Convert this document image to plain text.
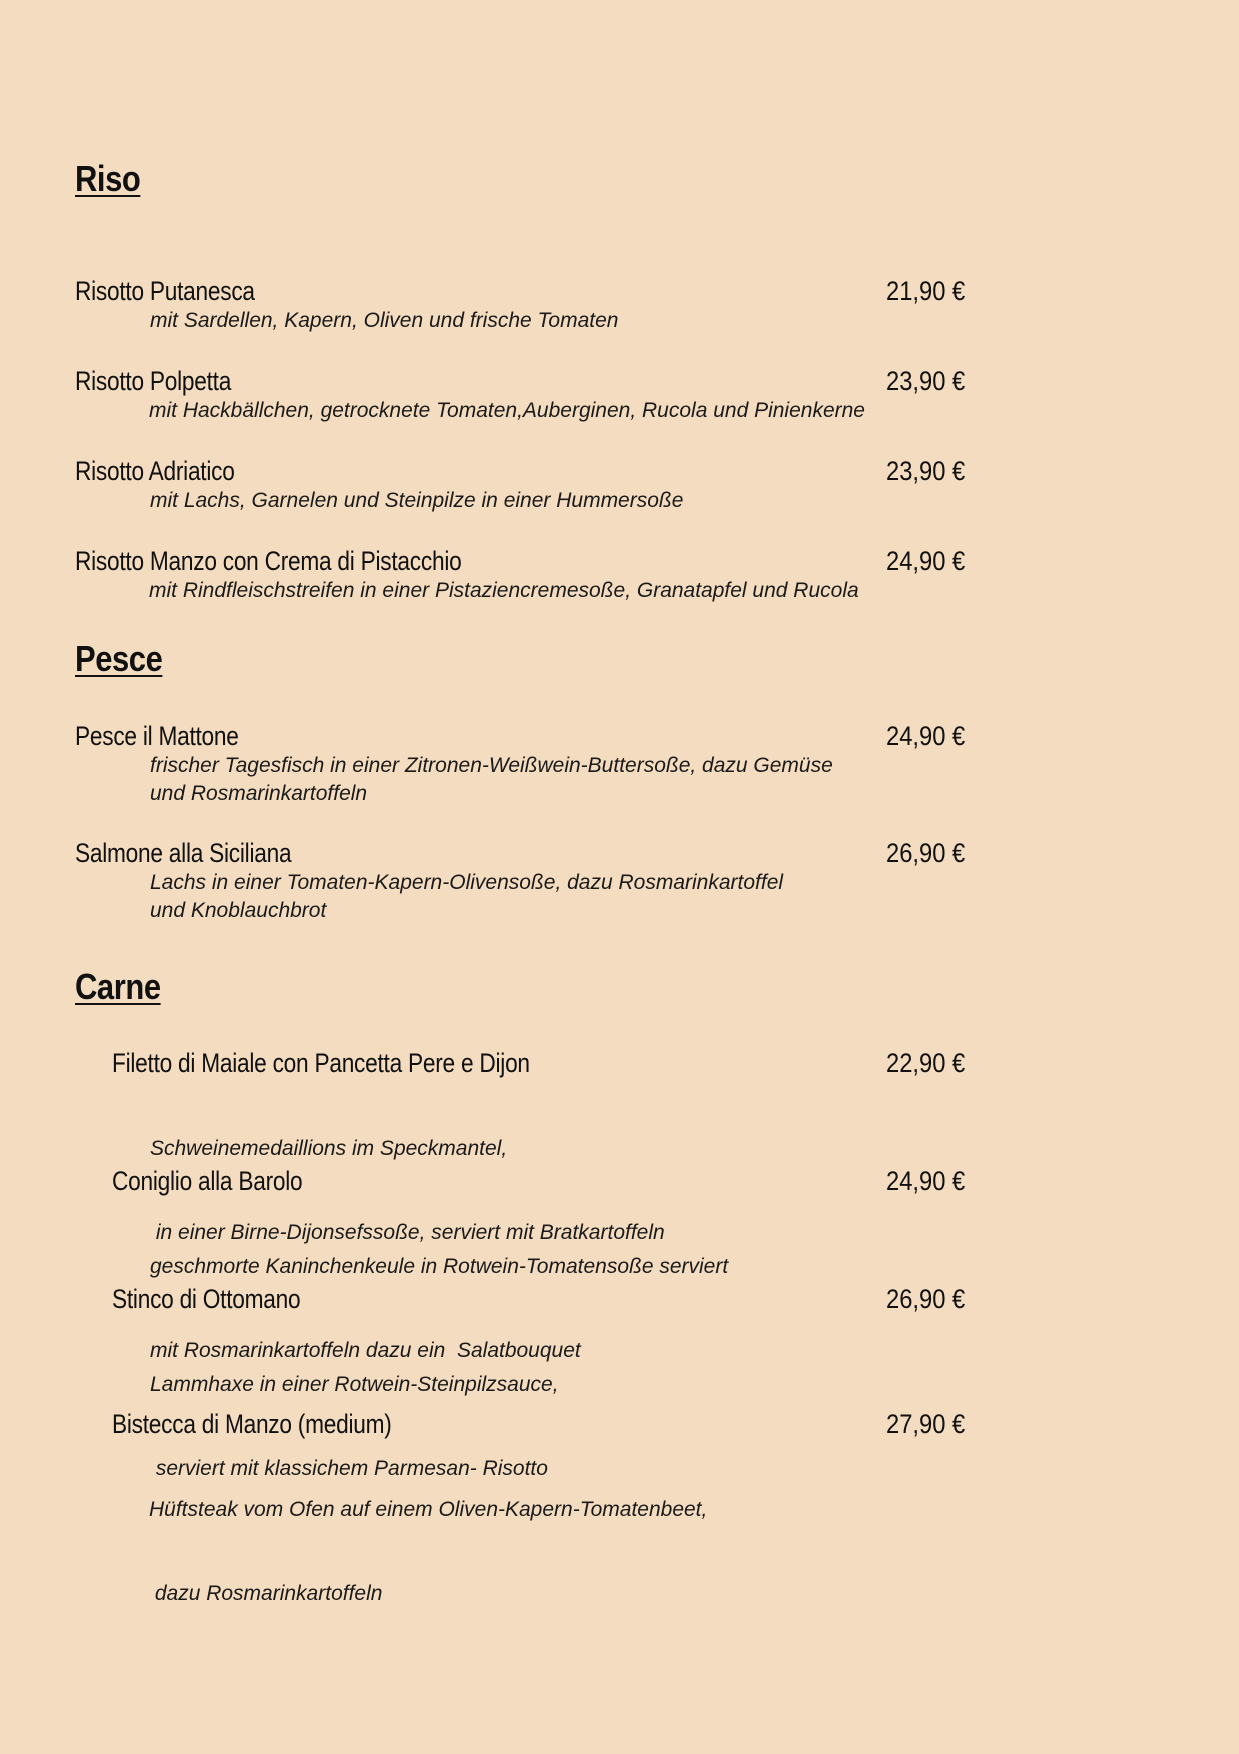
Riso
Pesce
Carne
Risotto Putanesca	21,90 €
mit Sardellen, Kapern, Oliven und frische Tomaten
Risotto Polpetta	23,90 €
mit Hackbällchen, getrocknete Tomaten,Auberginen, Rucola und Pinienkerne
Risotto Adriatico	23,90 €
mit Lachs, Garnelen und Steinpilze in einer Hummersoße
Risotto Manzo con Crema di Pistacchio	24,90 €
mit Rindfleischstreifen in einer Pistaziencremesoße, Granatapfel und Rucola
Pesce il Mattone	24,90 €
frischer Tagesfisch in einer Zitronen-Weißwein-Buttersoße, dazu Gemüse
und Rosmarinkartoffeln
Salmone alla Siciliana	26,90 €
Lachs in einer Tomaten-Kapern-Olivensoße, dazu Rosmarinkartoffel
und Knoblauchbrot
Filetto di Maiale con Pancetta Pere e Dijon	22,90 €

Schweinemedaillions im Speckmantel,

in einer Birne-Dijonsefssoße, serviert mit Bratkartoffeln

Coniglio alla Barolo	24,90 €

geschmorte Kaninchenkeule in Rotwein-Tomatensoße serviert

mit Rosmarinkartoffeln dazu ein  Salatbouquet

Stinco di Ottomano	26,90 €

Lammhaxe in einer Rotwein-Steinpilzsauce,

serviert mit klassichem Parmesan- Risotto

Bistecca di Manzo (medium)	27,90 €

Hüftsteak vom Ofen auf einem Oliven-Kapern-Tomatenbeet,

dazu Rosmarinkartoffeln
